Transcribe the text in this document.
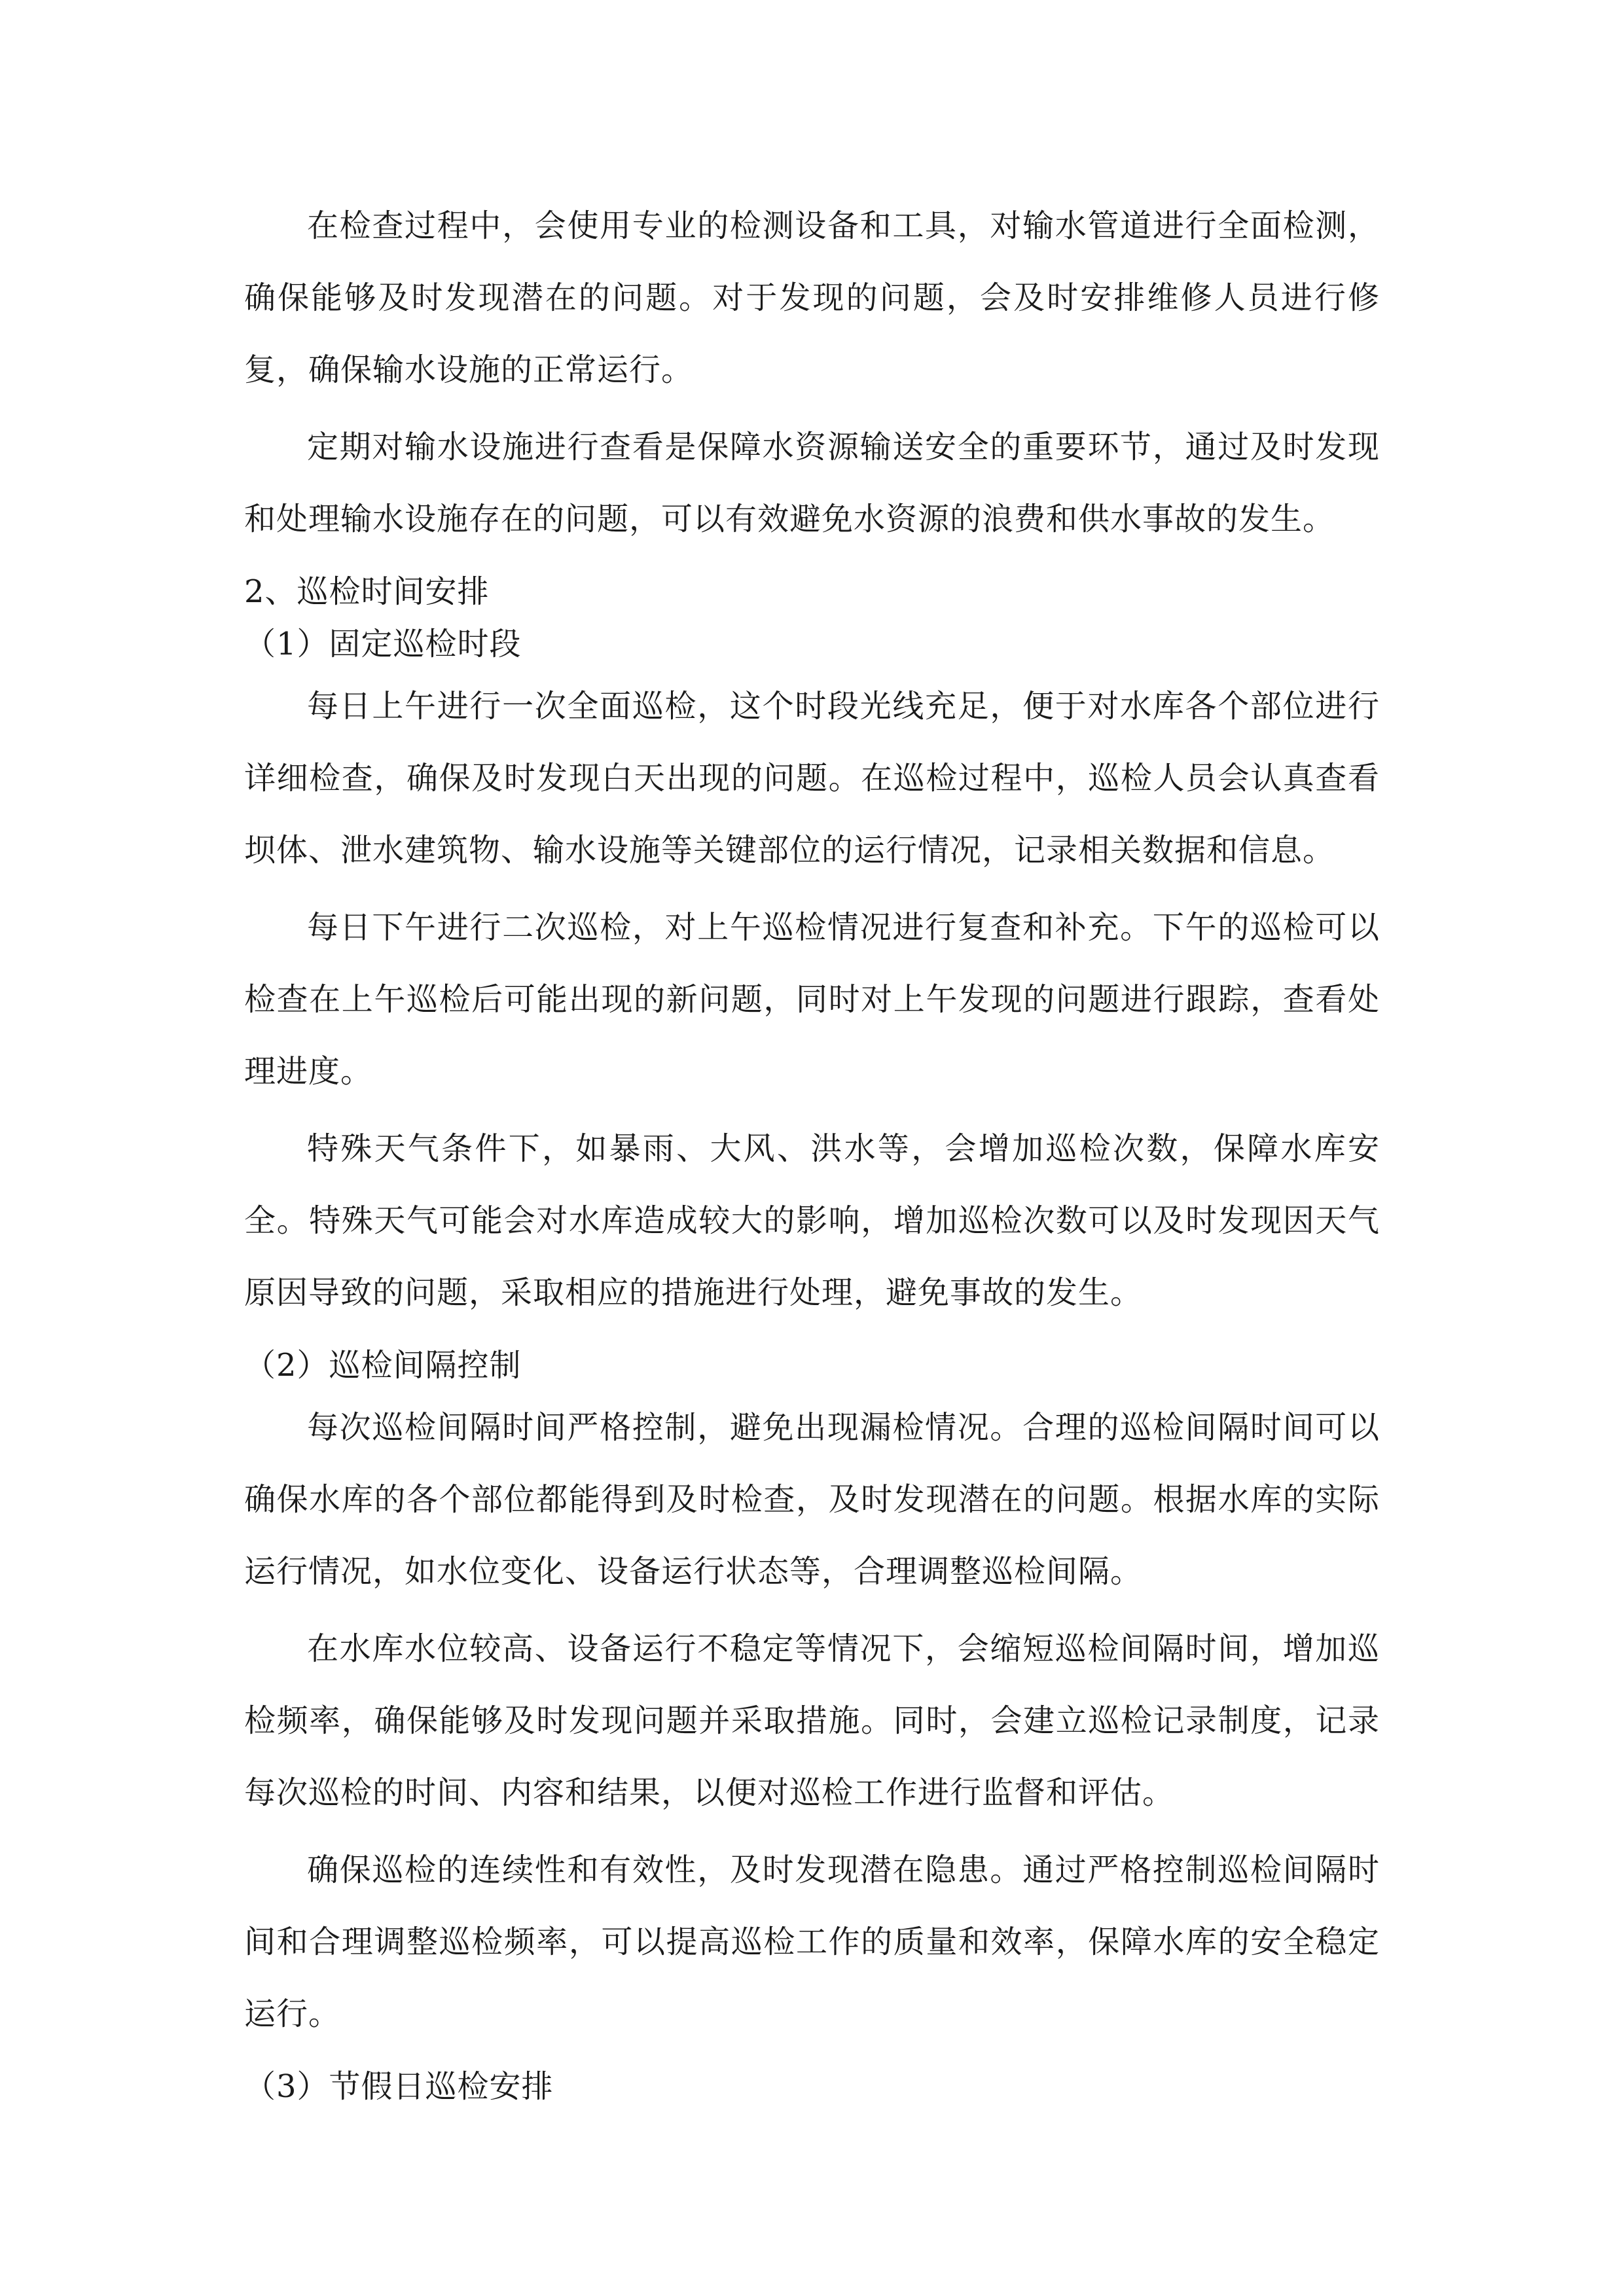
在检查过程中，会使用专业的检测设备和工具，对输水管道进行全面检测，确保能够及时发现潜在的问题。对于发现的问题，会及时安排维修人员进行修复，确保输水设施的正常运行。

定期对输水设施进行查看是保障水资源输送安全的重要环节，通过及时发现和处理输水设施存在的问题，可以有效避免水资源的浪费和供水事故的发生。

2、巡检时间安排

（1）固定巡检时段

每日上午进行一次全面巡检，这个时段光线充足，便于对水库各个部位进行详细检查，确保及时发现白天出现的问题。在巡检过程中，巡检人员会认真查看坝体、泄水建筑物、输水设施等关键部位的运行情况，记录相关数据和信息。

每日下午进行二次巡检，对上午巡检情况进行复查和补充。下午的巡检可以检查在上午巡检后可能出现的新问题，同时对上午发现的问题进行跟踪，查看处理进度。

特殊天气条件下，如暴雨、大风、洪水等，会增加巡检次数，保障水库安全。特殊天气可能会对水库造成较大的影响，增加巡检次数可以及时发现因天气原因导致的问题，采取相应的措施进行处理，避免事故的发生。

（2）巡检间隔控制

每次巡检间隔时间严格控制，避免出现漏检情况。合理的巡检间隔时间可以确保水库的各个部位都能得到及时检查，及时发现潜在的问题。根据水库的实际运行情况，如水位变化、设备运行状态等，合理调整巡检间隔。

在水库水位较高、设备运行不稳定等情况下，会缩短巡检间隔时间，增加巡检频率，确保能够及时发现问题并采取措施。同时，会建立巡检记录制度，记录每次巡检的时间、内容和结果，以便对巡检工作进行监督和评估。

确保巡检的连续性和有效性，及时发现潜在隐患。通过严格控制巡检间隔时间和合理调整巡检频率，可以提高巡检工作的质量和效率，保障水库的安全稳定运行。

（3）节假日巡检安排
